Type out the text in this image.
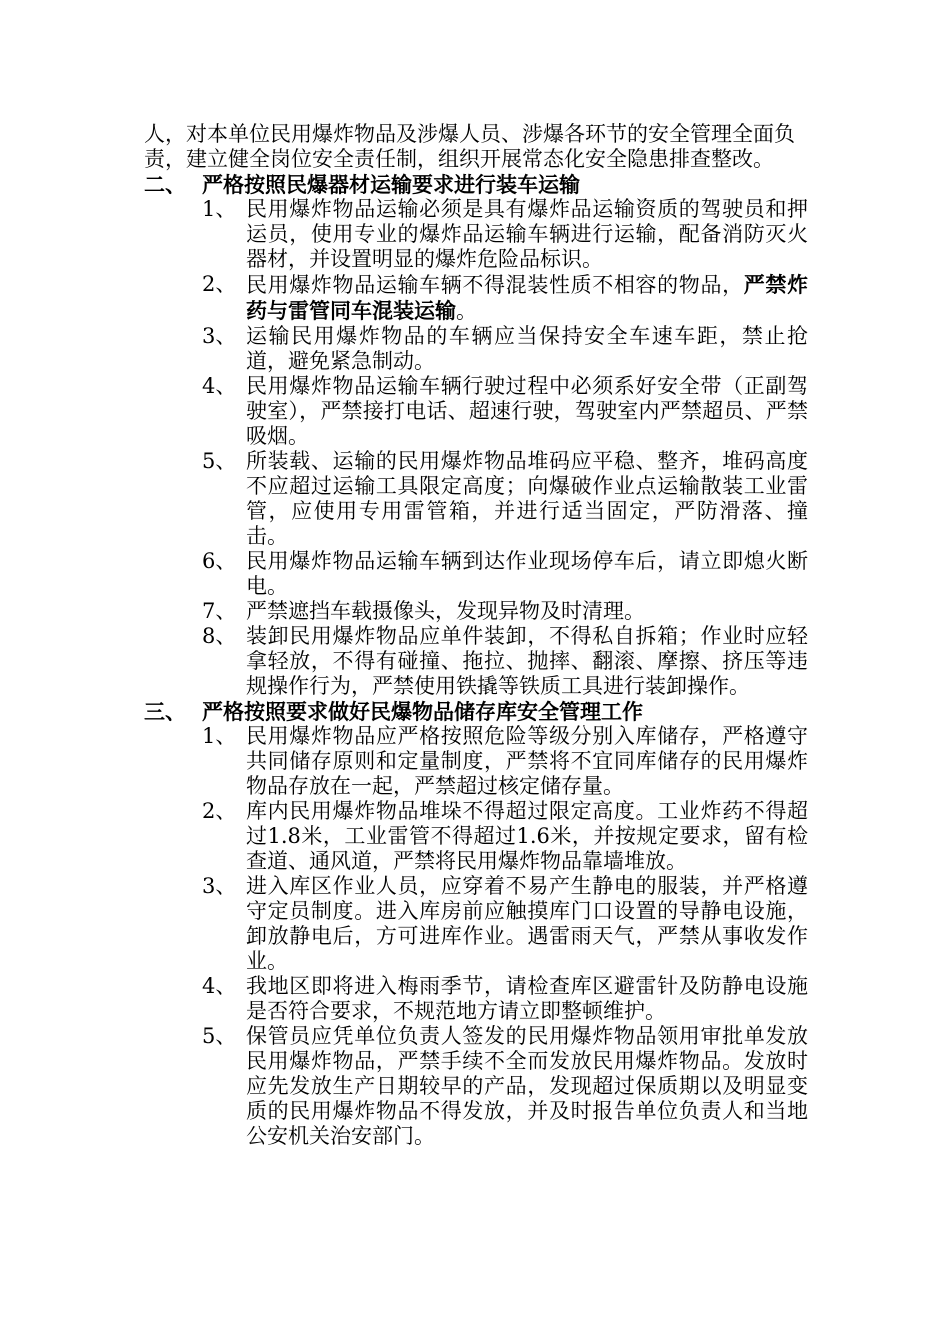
人，对本单位民用爆炸物品及涉爆人员、涉爆各环节的安全管理全面负责，建立健全岗位安全责任制，组织开展常态化安全隐患排查整改。

二、 严格按照民爆器材运输要求进行装车运输
1、 民用爆炸物品运输必须是具有爆炸品运输资质的驾驶员和押运员，使用专业的爆炸品运输车辆进行运输，配备消防灭火器材，并设置明显的爆炸危险品标识。
2、 民用爆炸物品运输车辆不得混装性质不相容的物品，严禁炸药与雷管同车混装运输。
3、 运输民用爆炸物品的车辆应当保持安全车速车距，禁止抢道，避免紧急制动。
4、 民用爆炸物品运输车辆行驶过程中必须系好安全带（正副驾驶室），严禁接打电话、超速行驶，驾驶室内严禁超员、严禁吸烟。
5、 所装载、运输的民用爆炸物品堆码应平稳、整齐，堆码高度不应超过运输工具限定高度；向爆破作业点运输散装工业雷管，应使用专用雷管箱，并进行适当固定，严防滑落、撞击。
6、 民用爆炸物品运输车辆到达作业现场停车后，请立即熄火断电。
7、 严禁遮挡车载摄像头，发现异物及时清理。
8、 装卸民用爆炸物品应单件装卸，不得私自拆箱；作业时应轻拿轻放，不得有碰撞、拖拉、抛摔、翻滚、摩擦、挤压等违规操作行为，严禁使用铁撬等铁质工具进行装卸操作。
三、 严格按照要求做好民爆物品储存库安全管理工作
1、 民用爆炸物品应严格按照危险等级分别入库储存，严格遵守共同储存原则和定量制度，严禁将不宜同库储存的民用爆炸物品存放在一起，严禁超过核定储存量。
2、 库内民用爆炸物品堆垛不得超过限定高度。工业炸药不得超过1.8米，工业雷管不得超过1.6米，并按规定要求，留有检查道、通风道，严禁将民用爆炸物品靠墙堆放。
3、 进入库区作业人员，应穿着不易产生静电的服装，并严格遵守定员制度。进入库房前应触摸库门口设置的导静电设施，卸放静电后，方可进库作业。遇雷雨天气，严禁从事收发作业。
4、 我地区即将进入梅雨季节，请检查库区避雷针及防静电设施是否符合要求，不规范地方请立即整顿维护。
5、 保管员应凭单位负责人签发的民用爆炸物品领用审批单发放民用爆炸物品，严禁手续不全而发放民用爆炸物品。发放时应先发放生产日期较早的产品，发现超过保质期以及明显变质的民用爆炸物品不得发放，并及时报告单位负责人和当地公安机关治安部门。
